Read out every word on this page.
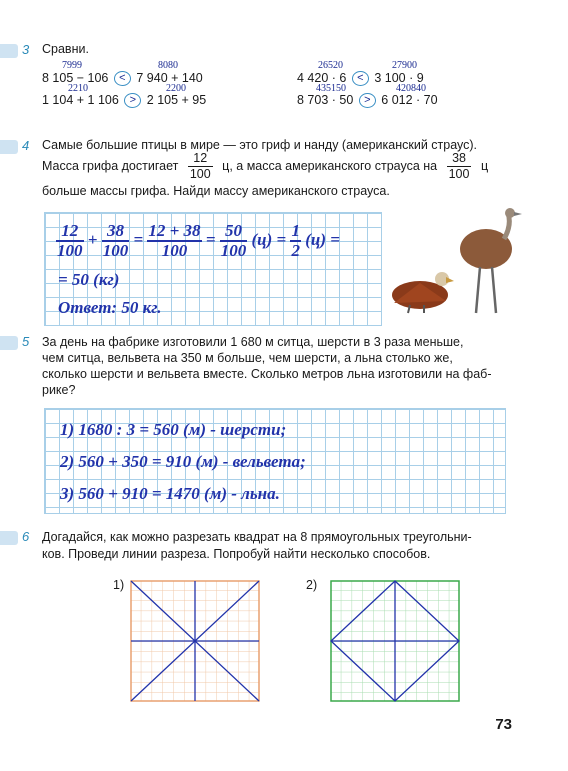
3 Сравни.
7999	8080
8 105 − 106 < 7 940 + 140
2210	2200
1 104 + 1 106 > 2 105 + 95
26520	27900
4 420 · 6 < 3 100 · 9
435150	420840
8 703 · 50 > 6 012 · 70
4 Самые большие птицы в мире — это гриф и нанду (американский страус).
Масса грифа достигает $\frac{12}{100} ц$, а масса американского страуса на $\frac{38}{100}$ ц
больше массы грифа. Найди массу американского страуса.
$\frac{12}{100} + \frac{38}{100} = \frac{12 + 38}{100} = \frac{50}{100} (ц) = \frac{1}{2} (ц)$ =
= 50 (кг)
Ответ: 50 кг.
5 За день на фабрике изготовили 1 680 м ситца, шерсти в 3 раза меньше,
чем ситца, вельвета на 350 м больше, чем шерсти, а льна столько же,
сколько шерсти и вельвета вместе. Сколько метров льна изготовили на фаб-
рике?
1) 1680 : 3 = 560 (м) - шерсти;
2) 560 + 350 = 910 (м) - вельвета;
3) 560 + 910 = 1470 (м) - льна.
6 Догадайся, как можно разрезать квадрат на 8 прямоугольных треугольни-
ков. Проведи линии разреза. Попробуй найти несколько способов.
1)	2)
73
